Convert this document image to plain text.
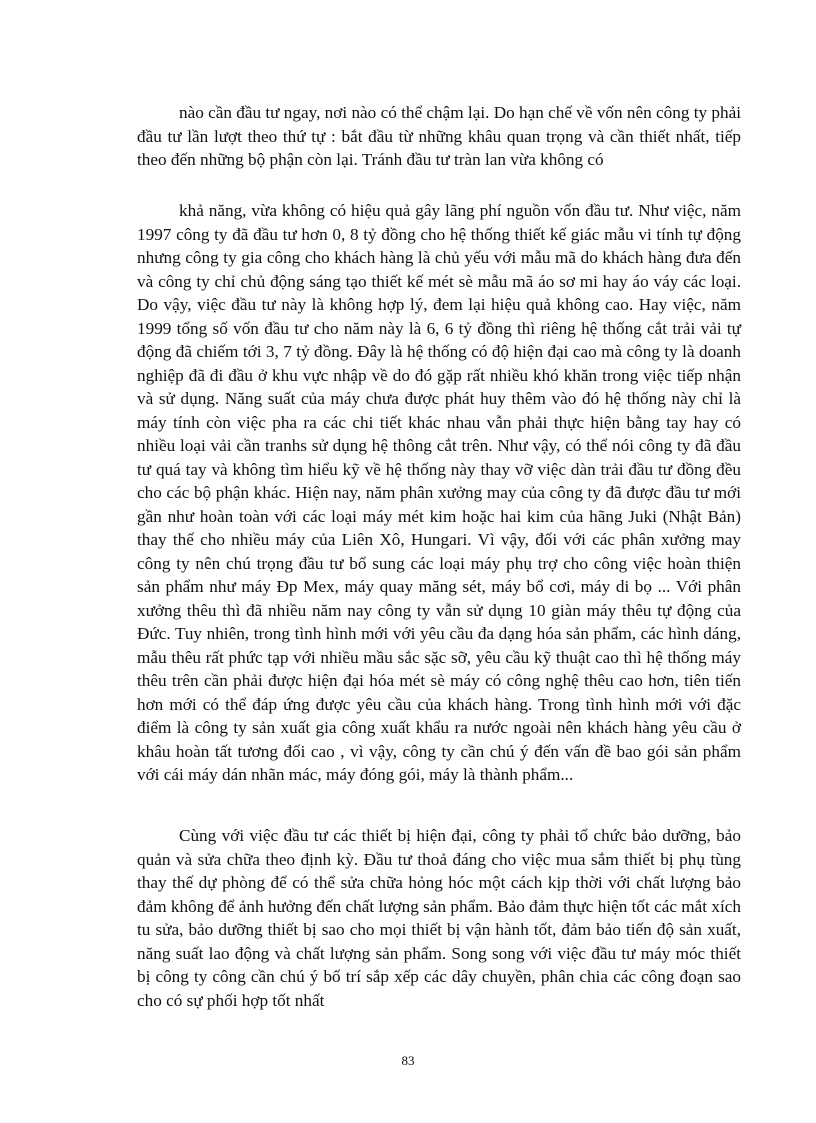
nào cần đầu tư ngay, nơi nào có thể chậm lại. Do hạn chế về vốn nên công ty phải đầu tư lần lượt theo thứ tự : bắt đầu từ những khâu quan trọng và cần thiết nhất, tiếp theo đến những bộ phận còn lại. Tránh đầu tư tràn lan vừa không có

khả năng, vừa không có hiệu quả gây lãng phí nguồn vốn đầu tư. Như việc, năm 1997 công ty đã đầu tư hơn 0, 8 tỷ đồng cho hệ thống thiết kế giác mẫu vi tính tự động nhưng công ty gia công cho khách hàng là chủ yếu với mẫu mã do khách hàng đưa đến và công ty chỉ chủ động sáng tạo thiết kế mét sè mẫu mã áo sơ mi hay áo váy các loại. Do vậy, việc đầu tư này là không hợp lý, đem lại hiệu quả không cao. Hay việc, năm 1999 tổng số vốn đầu tư cho năm này là 6, 6 tỷ đồng thì riêng hệ thống cắt trải vải tự động đã chiếm tới 3, 7 tỷ đồng. Đây là hệ thống có độ hiện đại cao mà công ty là doanh nghiệp đã đi đầu ở khu vực nhập về do đó gặp rất nhiều khó khăn trong việc tiếp nhận và sử dụng. Năng suất của máy chưa được phát huy thêm vào đó hệ thống này chỉ là máy tính còn việc pha ra các chi tiết khác nhau vẫn phải thực hiện bằng tay hay có nhiều loại vải cần tranhs sử dụng hệ thông cắt trên. Như vậy, có thể nói công ty đã đầu tư quá tay và không tìm hiểu kỹ về hệ thống này thay vỡ việc dàn trải đầu tư đồng đều cho các bộ phận khác. Hiện nay, năm phân xưởng may của công ty đã được đầu tư mới gần như hoàn toàn với các loại máy mét kim hoặc hai kim của hãng Juki (Nhật Bản) thay thế cho nhiều máy của Liên Xô, Hungari. Vì vậy, đối với các phân xưởng may công ty nên chú trọng đầu tư bổ sung các loại máy phụ trợ cho công việc hoàn thiện sản phẩm như máy Đp Mex, máy quay măng sét, máy bổ cơi, máy di bọ ... Với phân xưởng thêu thì đã nhiều năm nay công ty vẫn sử dụng 10 giàn máy thêu tự động của Đức. Tuy nhiên, trong tình hình mới với yêu cầu đa dạng hóa sản phẩm, các hình dáng, mẫu thêu rất phức tạp với nhiều mầu sắc sặc sỡ, yêu cầu kỹ thuật cao thì hệ thống máy thêu trên cần phải được hiện đại hóa mét sè máy có công nghệ thêu cao hơn, tiên tiến hơn mới có thể đáp ứng được yêu cầu của khách hàng. Trong tình hình mới với đặc điểm là công ty sản xuất gia công xuất khẩu ra nước ngoài nên khách hàng yêu cầu ở khâu hoàn tất tương đối cao , vì vậy, công ty cần chú ý đến vấn đề bao gói sản phẩm với cái máy dán nhãn mác, máy đóng gói, máy là thành phẩm...

Cùng với việc đầu tư các thiết bị hiện đại, công ty phải tổ chức bảo dưỡng, bảo quản và sửa chữa theo định kỳ. Đầu tư thoả đáng cho việc mua sắm thiết bị phụ tùng thay thế dự phòng để có thể sửa chữa hỏng hóc một cách kịp thời với chất lượng bảo đảm không để ảnh hưởng đến chất lượng sản phẩm. Bảo đảm thực hiện tốt các mắt xích tu sửa, bảo dưỡng thiết bị sao cho mọi thiết bị vận hành tốt, đảm bảo tiến độ sản xuất, năng suất lao động và chất lượng sản phẩm. Song song với việc đầu tư máy móc thiết bị công ty công cần chú ý bố trí sắp xếp các dây chuyền, phân chia các công đoạn sao cho có sự phối hợp tốt nhất

83
